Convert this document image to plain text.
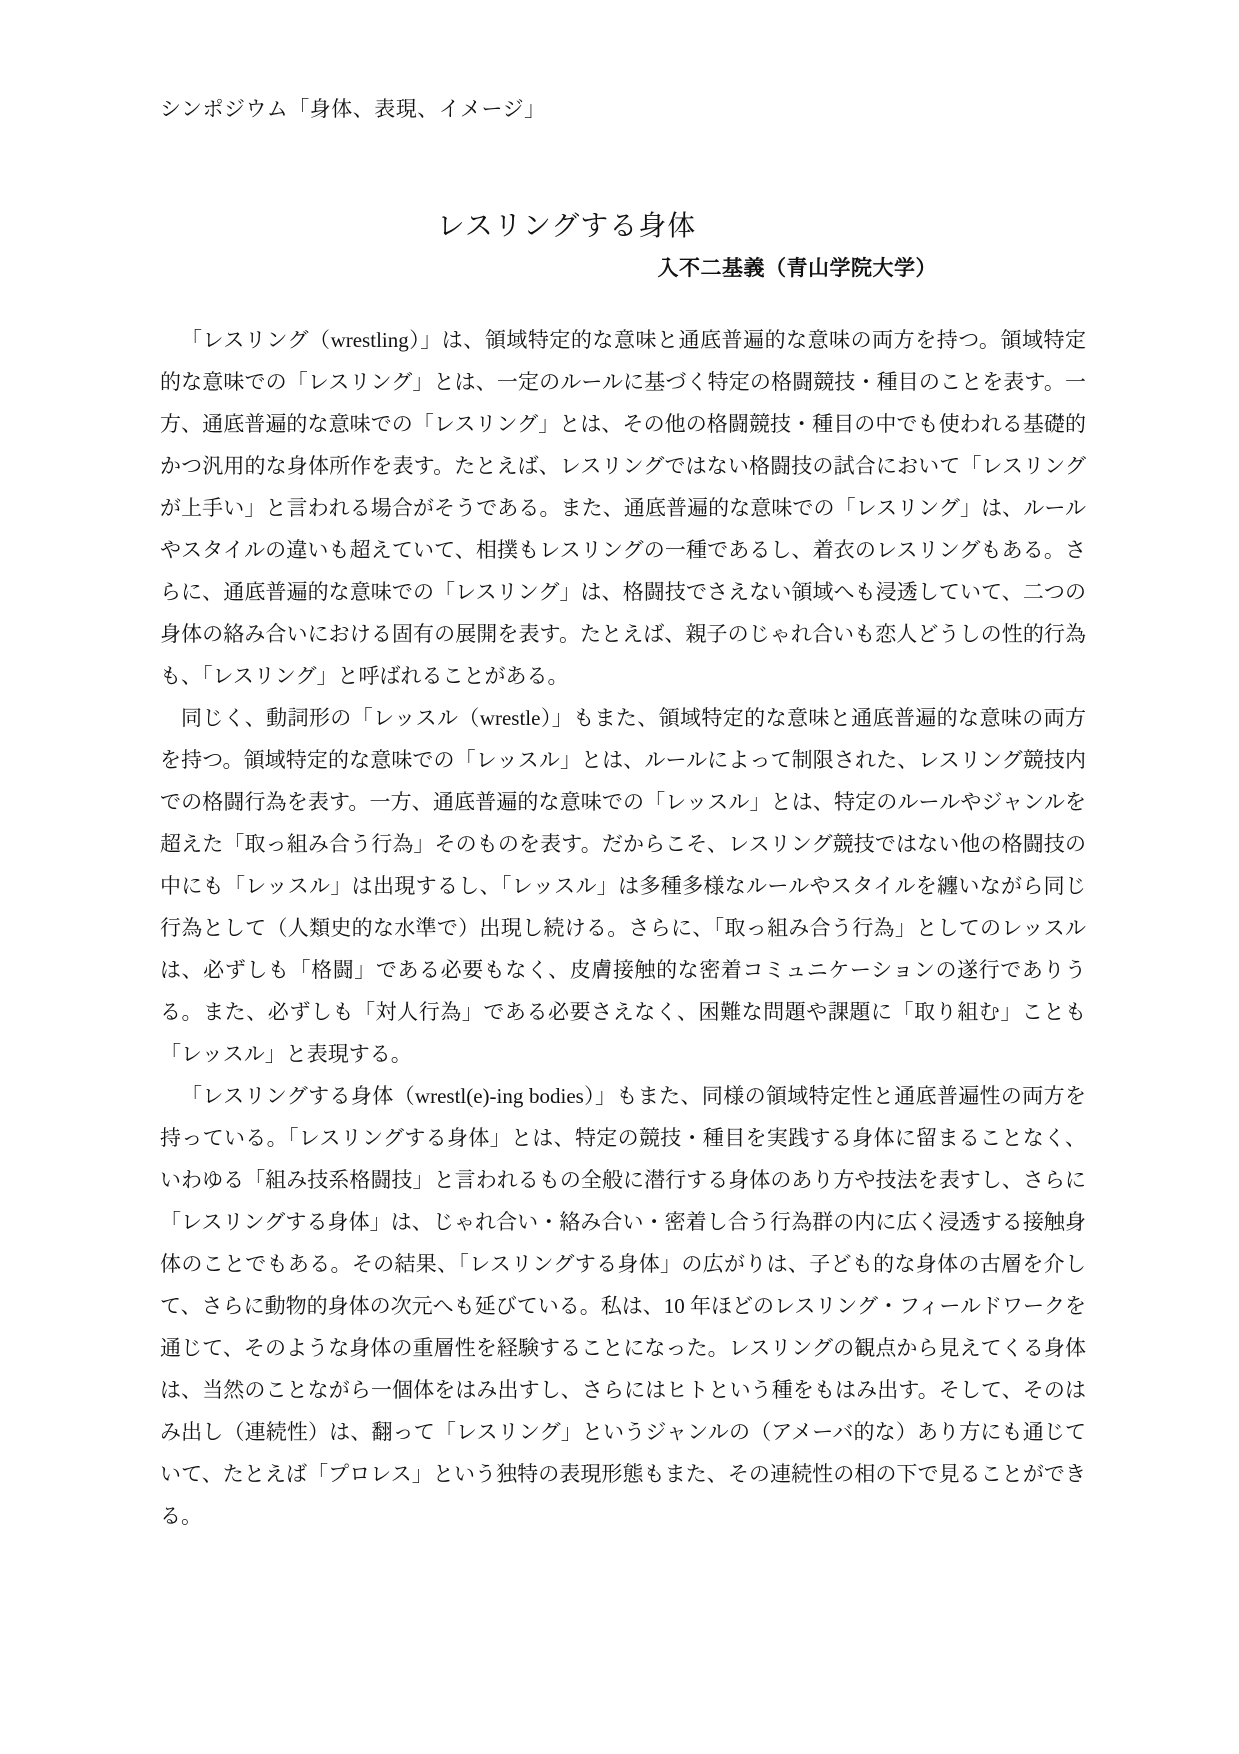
シンポジウム「身体、表現、イメージ」
レスリングする身体
入不二基義（青山学院大学）

「レスリング（wrestling）」は、領域特定的な意味と通底普遍的な意味の両方を持つ。領域特定的な意味での「レスリング」とは、一定のルールに基づく特定の格闘競技・種目のことを表す。一方、通底普遍的な意味での「レスリング」とは、その他の格闘競技・種目の中でも使われる基礎的かつ汎用的な身体所作を表す。たとえば、レスリングではない格闘技の試合において「レスリングが上手い」と言われる場合がそうである。また、通底普遍的な意味での「レスリング」は、ルールやスタイルの違いも超えていて、相撲もレスリングの一種であるし、着衣のレスリングもある。さらに、通底普遍的な意味での「レスリング」は、格闘技でさえない領域へも浸透していて、二つの身体の絡み合いにおける固有の展開を表す。たとえば、親子のじゃれ合いも恋人どうしの性的行為も、「レスリング」と呼ばれることがある。

同じく、動詞形の「レッスル（wrestle）」もまた、領域特定的な意味と通底普遍的な意味の両方を持つ。領域特定的な意味での「レッスル」とは、ルールによって制限された、レスリング競技内での格闘行為を表す。一方、通底普遍的な意味での「レッスル」とは、特定のルールやジャンルを超えた「取っ組み合う行為」そのものを表す。だからこそ、レスリング競技ではない他の格闘技の中にも「レッスル」は出現するし、「レッスル」は多種多様なルールやスタイルを纏いながら同じ行為として（人類史的な水準で）出現し続ける。さらに、「取っ組み合う行為」としてのレッスルは、必ずしも「格闘」である必要もなく、皮膚接触的な密着コミュニケーションの遂行でありうる。また、必ずしも「対人行為」である必要さえなく、困難な問題や課題に「取り組む」ことも「レッスル」と表現する。

「レスリングする身体（wrestl(e)-ing bodies）」もまた、同様の領域特定性と通底普遍性の両方を持っている。「レスリングする身体」とは、特定の競技・種目を実践する身体に留まることなく、いわゆる「組み技系格闘技」と言われるもの全般に潜行する身体のあり方や技法を表すし、さらに「レスリングする身体」は、じゃれ合い・絡み合い・密着し合う行為群の内に広く浸透する接触身体のことでもある。その結果、「レスリングする身体」の広がりは、子ども的な身体の古層を介して、さらに動物的身体の次元へも延びている。私は、10 年ほどのレスリング・フィールドワークを通じて、そのような身体の重層性を経験することになった。レスリングの観点から見えてくる身体は、当然のことながら一個体をはみ出すし、さらにはヒトという種をもはみ出す。そして、そのはみ出し（連続性）は、翻って「レスリング」というジャンルの（アメーバ的な）あり方にも通じていて、たとえば「プロレス」という独特の表現形態もまた、その連続性の相の下で見ることができる。
